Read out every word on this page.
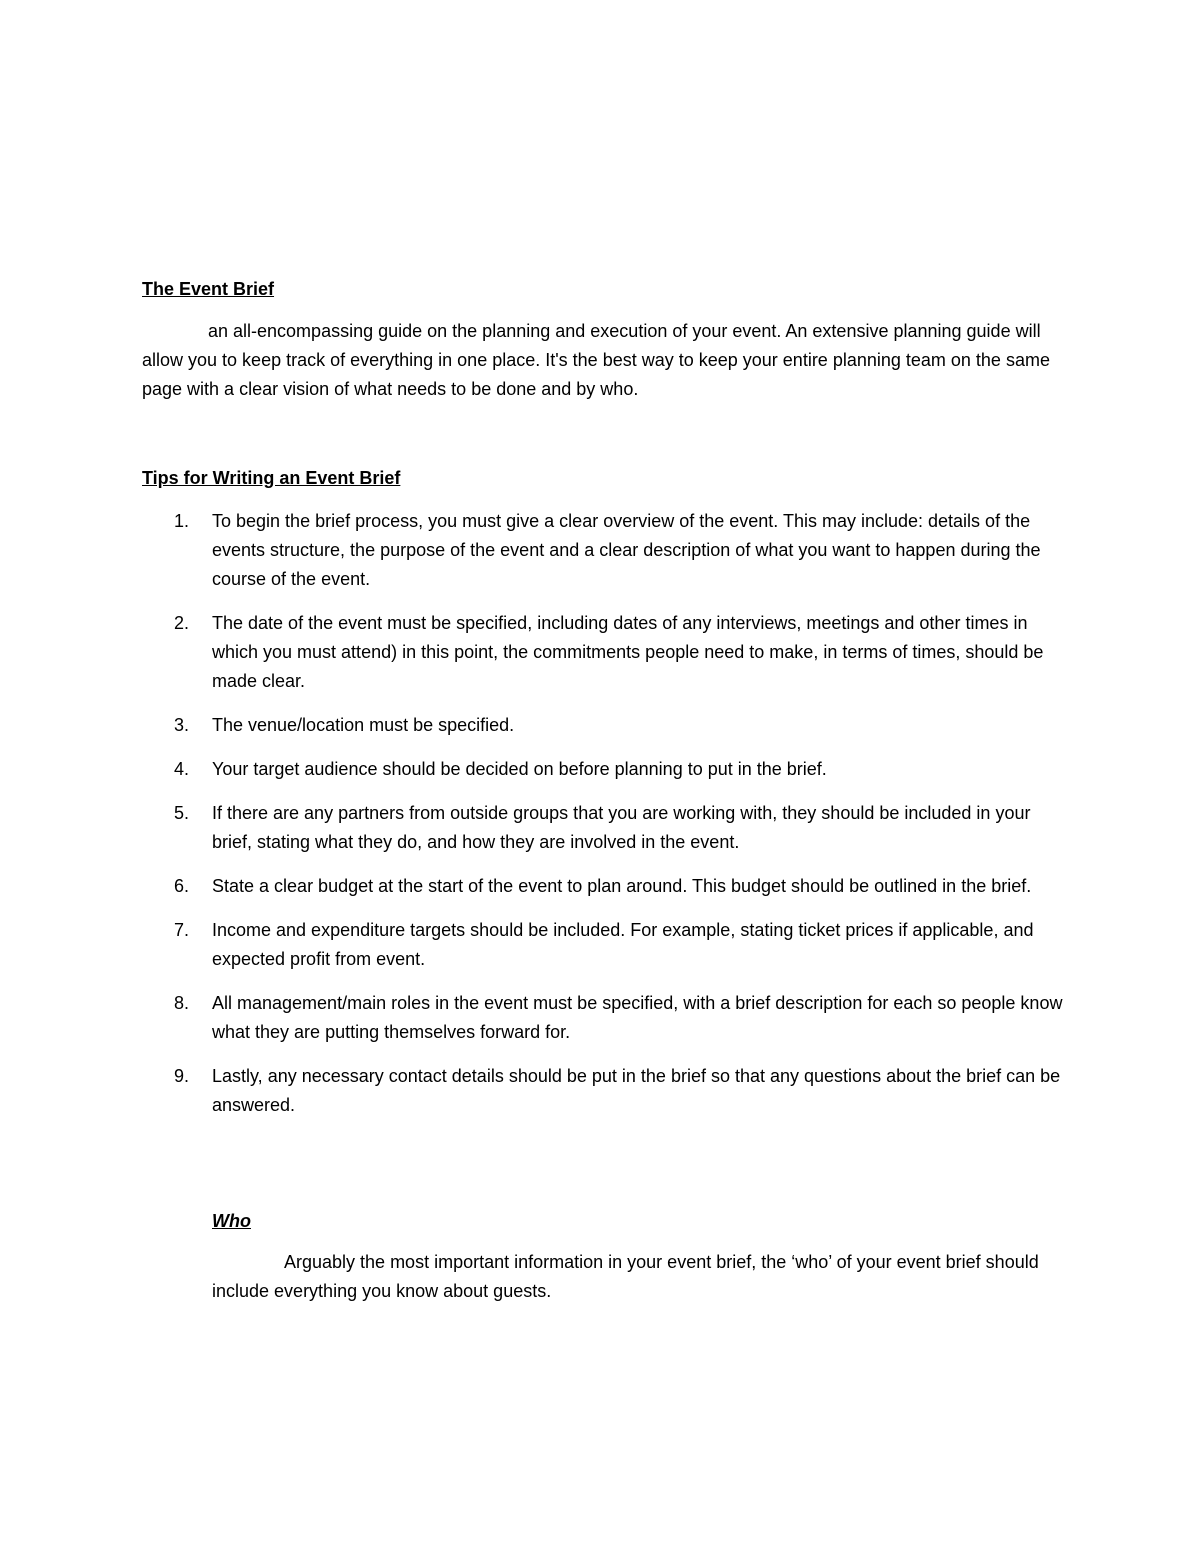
The Event Brief

an all-encompassing guide on the planning and execution of your event. An extensive planning guide will allow you to keep track of everything in one place. It's the best way to keep your entire planning team on the same page with a clear vision of what needs to be done and by who.

Tips for Writing an Event Brief
1. To begin the brief process, you must give a clear overview of the event. This may include: details of the events structure, the purpose of the event and a clear description of what you want to happen during the course of the event.
2. The date of the event must be specified, including dates of any interviews, meetings and other times in which you must attend) in this point, the commitments people need to make, in terms of times, should be made clear.
3. The venue/location must be specified.
4. Your target audience should be decided on before planning to put in the brief.
5. If there are any partners from outside groups that you are working with, they should be included in your brief, stating what they do, and how they are involved in the event.
6. State a clear budget at the start of the event to plan around. This budget should be outlined in the brief.
7. Income and expenditure targets should be included. For example, stating ticket prices if applicable, and expected profit from event.
8. All management/main roles in the event must be specified, with a brief description for each so people know what they are putting themselves forward for.
9. Lastly, any necessary contact details should be put in the brief so that any questions about the brief can be answered.
Who

Arguably the most important information in your event brief, the ‘who’ of your event brief should include everything you know about guests.
